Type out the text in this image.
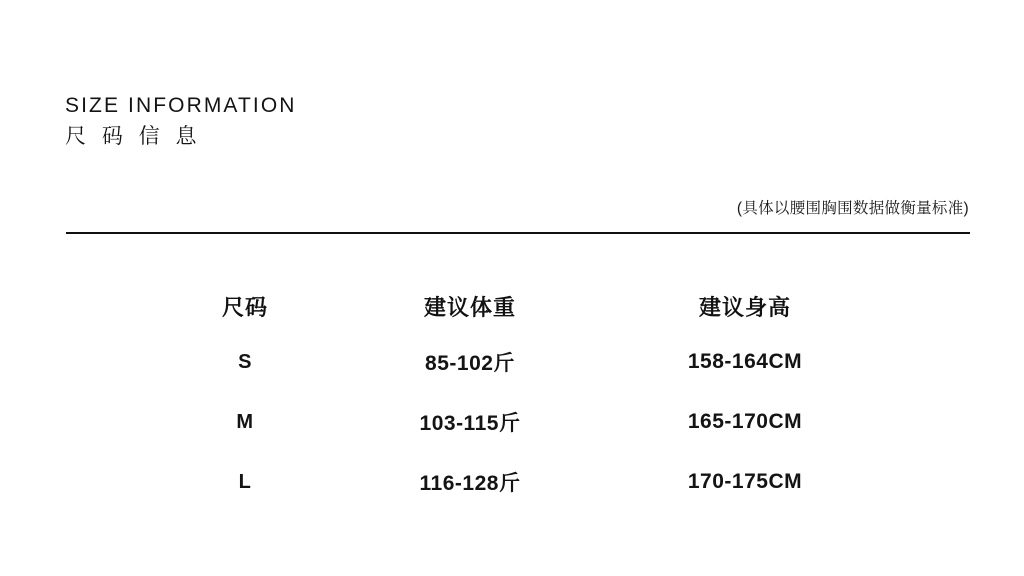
SIZE INFORMATION
尺 码 信 息
(具体以腰围胸围数据做衡量标准)
尺码	建议体重	建议身高
S	85-102斤	158-164CM
M	103-115斤	165-170CM
L	116-128斤	170-175CM
